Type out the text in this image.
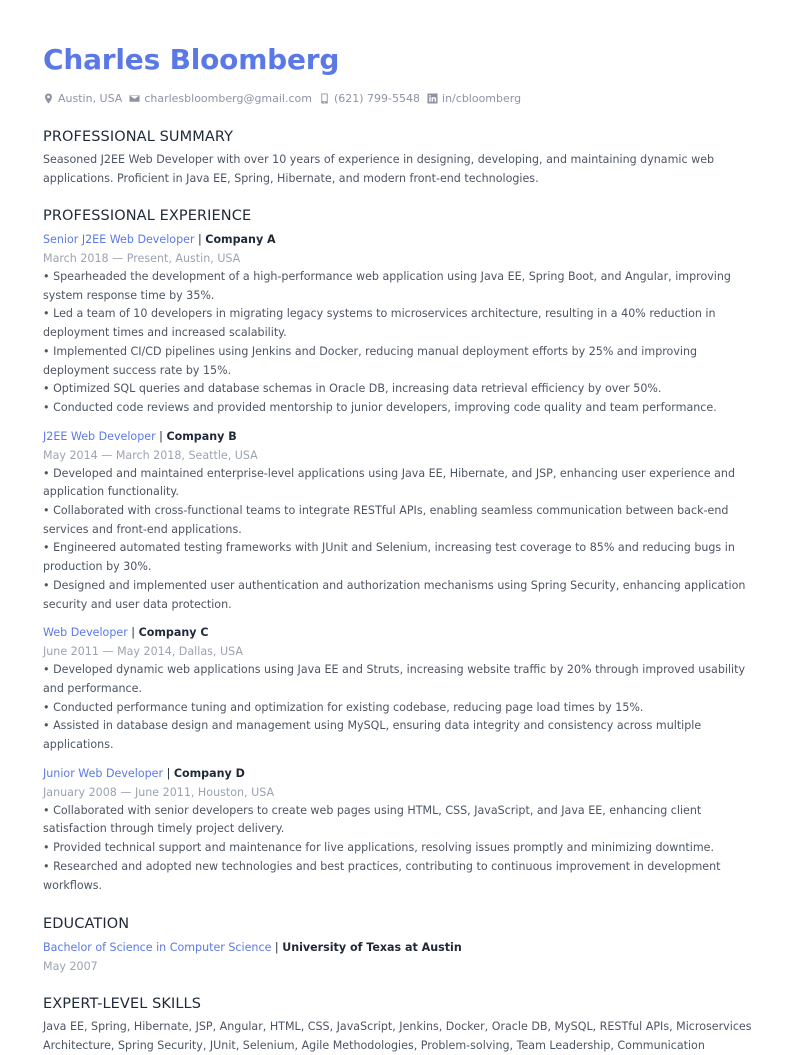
Charles Bloomberg
Austin, USA charlesbloomberg@gmail.com (621) 799-5548 in/cbloomberg
PROFESSIONAL SUMMARY
Seasoned J2EE Web Developer with over 10 years of experience in designing, developing, and maintaining dynamic web applications. Proficient in Java EE, Spring, Hibernate, and modern front-end technologies.
PROFESSIONAL EXPERIENCE
Senior J2EE Web Developer | Company A
March 2018 — Present, Austin, USA
• Spearheaded the development of a high-performance web application using Java EE, Spring Boot, and Angular, improving system response time by 35%.
• Led a team of 10 developers in migrating legacy systems to microservices architecture, resulting in a 40% reduction in deployment times and increased scalability.
• Implemented CI/CD pipelines using Jenkins and Docker, reducing manual deployment efforts by 25% and improving deployment success rate by 15%.
• Optimized SQL queries and database schemas in Oracle DB, increasing data retrieval efficiency by over 50%.
• Conducted code reviews and provided mentorship to junior developers, improving code quality and team performance.
J2EE Web Developer | Company B
May 2014 — March 2018, Seattle, USA
• Developed and maintained enterprise-level applications using Java EE, Hibernate, and JSP, enhancing user experience and application functionality.
• Collaborated with cross-functional teams to integrate RESTful APIs, enabling seamless communication between back-end services and front-end applications.
• Engineered automated testing frameworks with JUnit and Selenium, increasing test coverage to 85% and reducing bugs in production by 30%.
• Designed and implemented user authentication and authorization mechanisms using Spring Security, enhancing application security and user data protection.
Web Developer | Company C
June 2011 — May 2014, Dallas, USA
• Developed dynamic web applications using Java EE and Struts, increasing website traffic by 20% through improved usability and performance.
• Conducted performance tuning and optimization for existing codebase, reducing page load times by 15%.
• Assisted in database design and management using MySQL, ensuring data integrity and consistency across multiple applications.
Junior Web Developer | Company D
January 2008 — June 2011, Houston, USA
• Collaborated with senior developers to create web pages using HTML, CSS, JavaScript, and Java EE, enhancing client satisfaction through timely project delivery.
• Provided technical support and maintenance for live applications, resolving issues promptly and minimizing downtime.
• Researched and adopted new technologies and best practices, contributing to continuous improvement in development workflows.
EDUCATION
Bachelor of Science in Computer Science | University of Texas at Austin
May 2007
EXPERT-LEVEL SKILLS
Java EE, Spring, Hibernate, JSP, Angular, HTML, CSS, JavaScript, Jenkins, Docker, Oracle DB, MySQL, RESTful APIs, Microservices Architecture, Spring Security, JUnit, Selenium, Agile Methodologies, Problem-solving, Team Leadership, Communication
